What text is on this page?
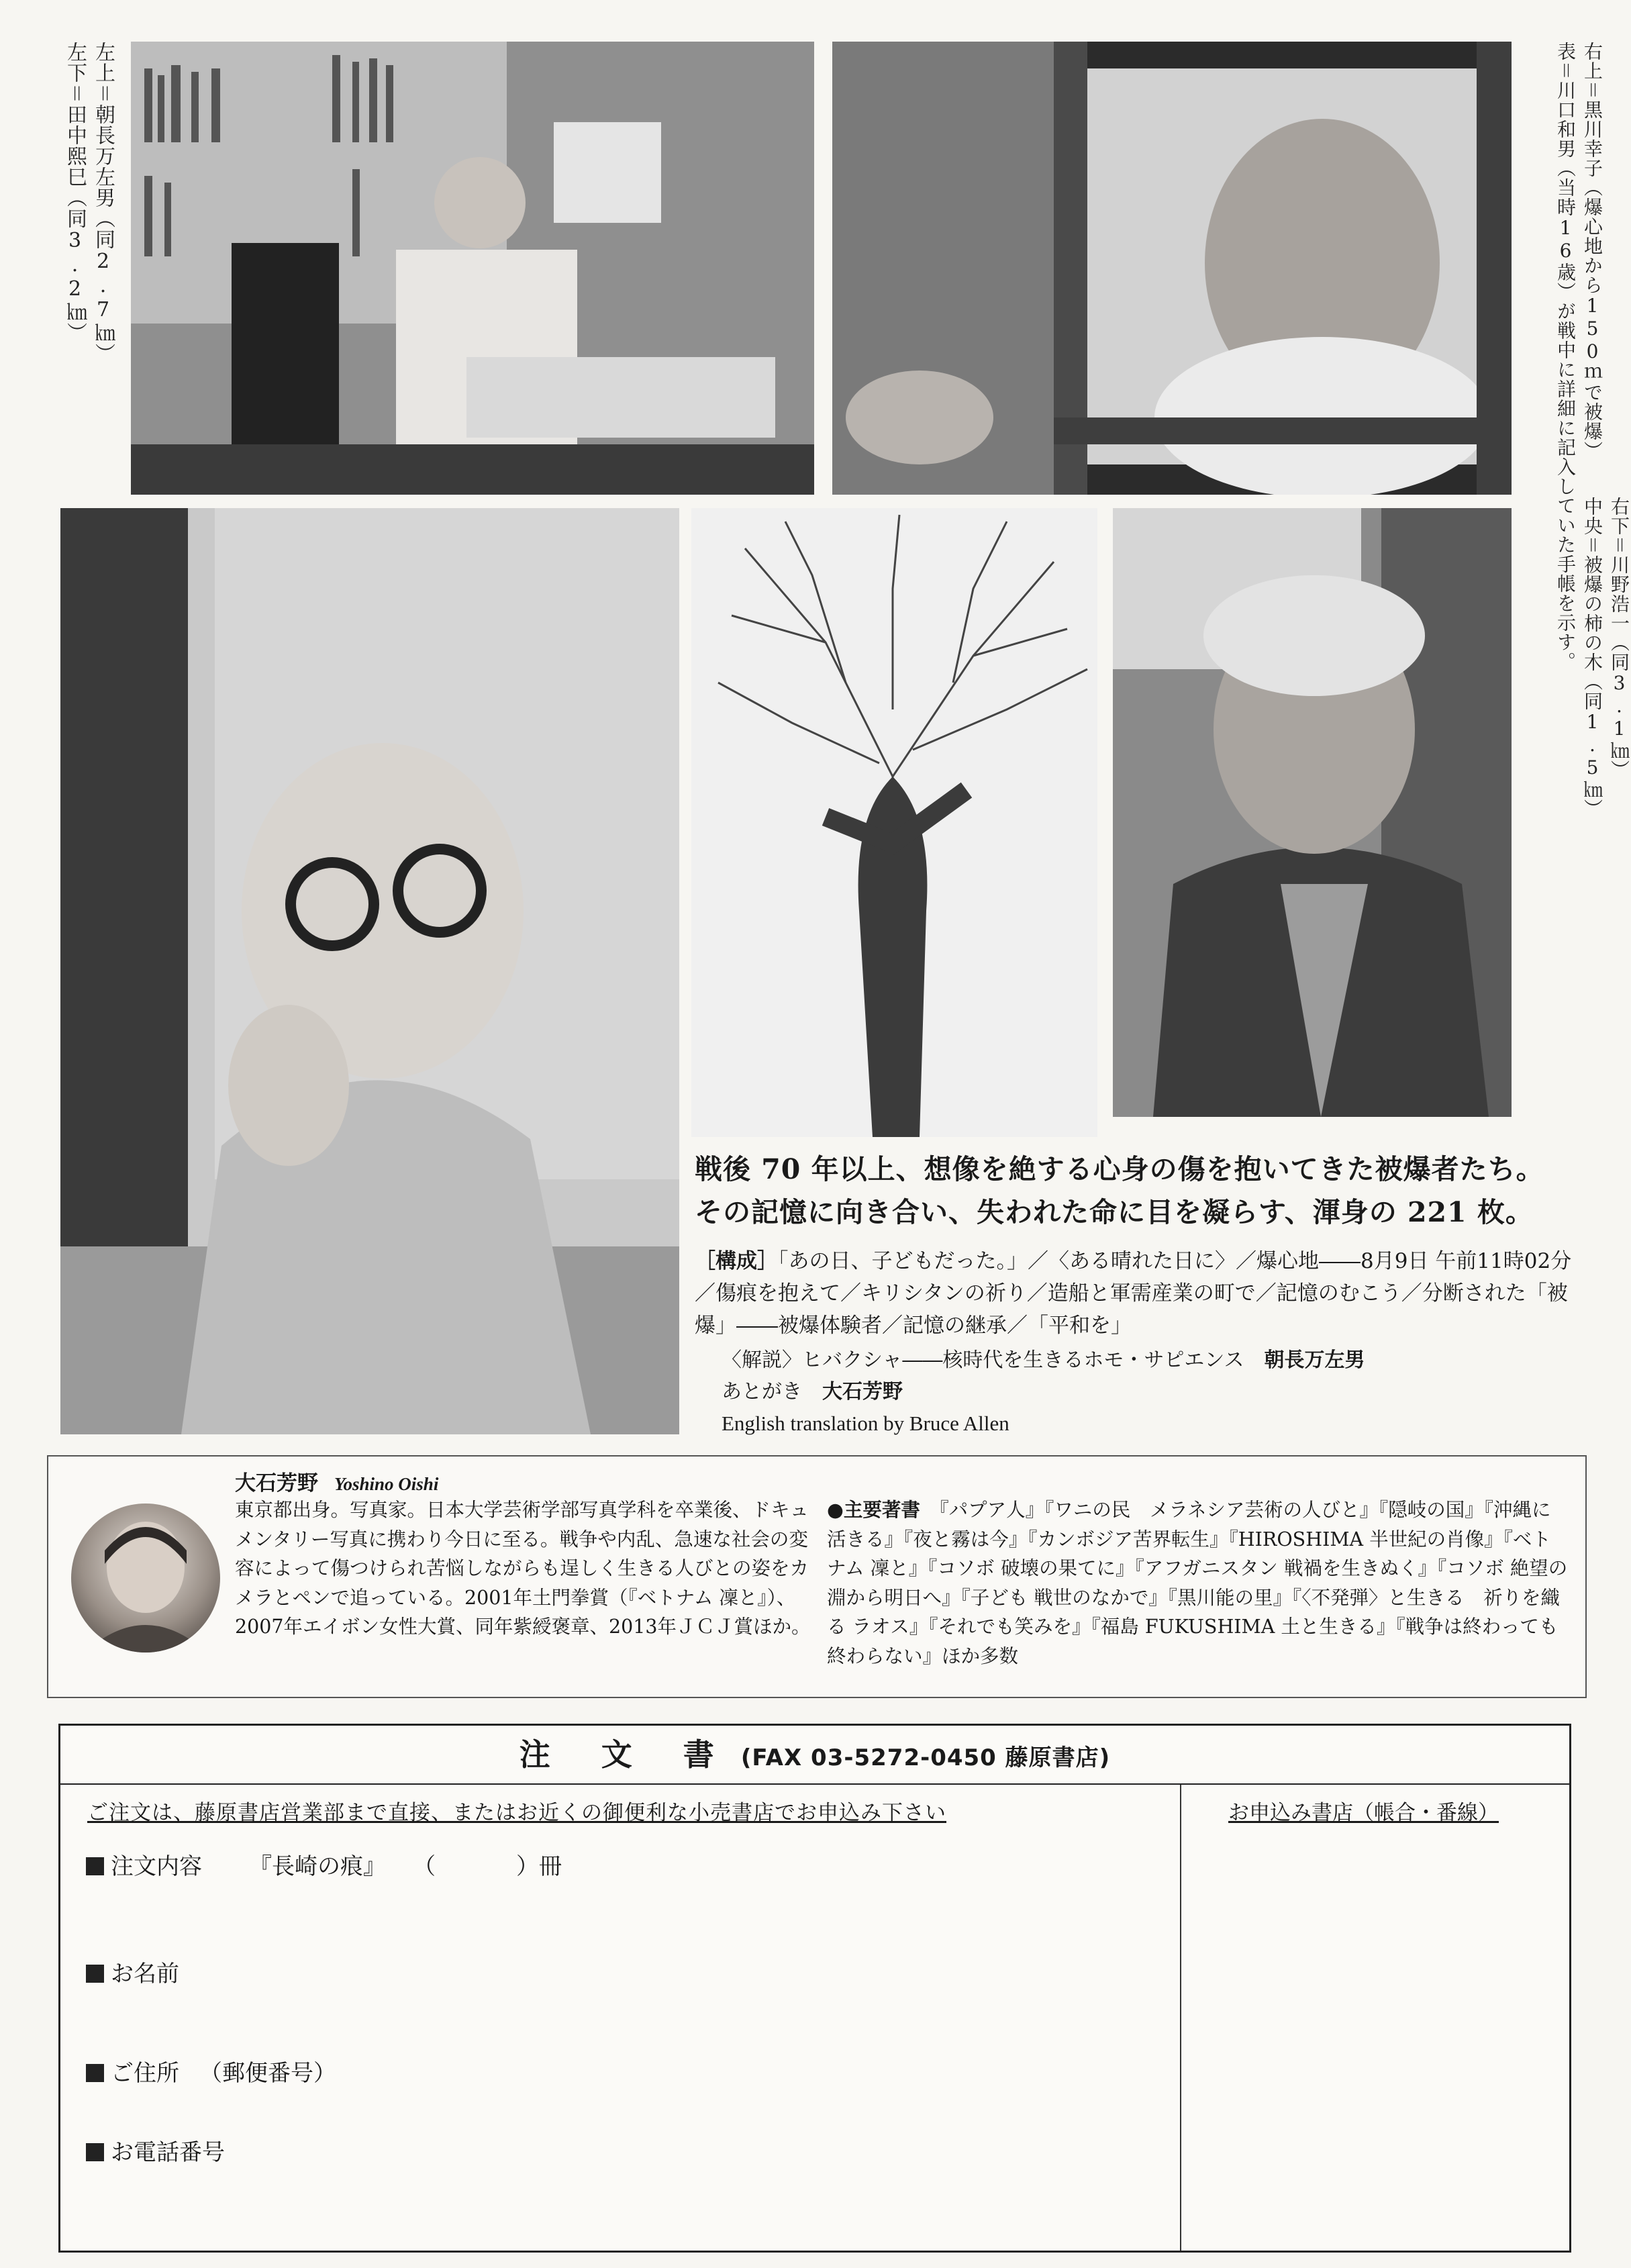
左上＝朝長万左男（同2.7㎞）
左下＝田中熙巳（同3.2㎞）	右上＝黒川幸子（爆心地から150ｍで被爆）
表＝川口和男（当時16歳）が戦中に詳細に記入していた手帳を示す。 右下＝川野浩一（同3.1㎞）
中央＝被爆の柿の木（同1.5㎞）
戦後 70 年以上、想像を絶する心身の傷を抱いてきた被爆者たち。
その記憶に向き合い、失われた命に目を凝らす、渾身の 221 枚。
［構成］「あの日、子どもだった。」／〈ある晴れた日に〉／爆心地――8月9日 午前11時02分／傷痕を抱えて／キリシタンの祈り／造船と軍需産業の町で／記憶のむこう／分断された「被爆」――被爆体験者／記憶の継承／「平和を」
〈解説〉ヒバクシャ――核時代を生きるホモ・サピエンス　 朝長万左男
あとがき　 大石芳野
English translation by Bruce Allen
大石芳野 Yoshino Oishi
東京都出身。写真家。日本大学芸術学部写真学科を卒業後、ドキュメンタリー写真に携わり今日に至る。戦争や内乱、急速な社会の変容によって傷つけられ苦悩しながらも逞しく生きる人びとの姿をカメラとペンで追っている。2001年土門拳賞（『ベトナム 凜と』）、2007年エイボン女性大賞、同年紫綬褒章、2013年ＪＣＪ賞ほか。
●主要著書　 『パプア人』『ワニの民　メラネシア芸術の人びと』『隠岐の国』『沖縄に活きる』『夜と霧は今』『カンボジア苦界転生』『HIROSHIMA 半世紀の肖像』『ベトナム 凜と』『コソボ 破壊の果てに』『アフガニスタン 戦禍を生きぬく』『コソボ 絶望の淵から明日へ』『子ども 戦世のなかで』『黒川能の里』『〈不発弾〉と生きる　祈りを織る ラオス』『それでも笑みを』『福島 FUKUSHIMA 土と生きる』『戦争は終わっても終わらない』ほか多数
注 文 書 (FAX 03-5272-0450 藤原書店)
ご注文は、藤原書店営業部まで直接、またはお近くの御便利な小売書店でお申込み下さい	お申込み書店（帳合・番線）
注文内容 『長崎の痕』 （	）冊
お名前
ご住所 （郵便番号）
お電話番号
